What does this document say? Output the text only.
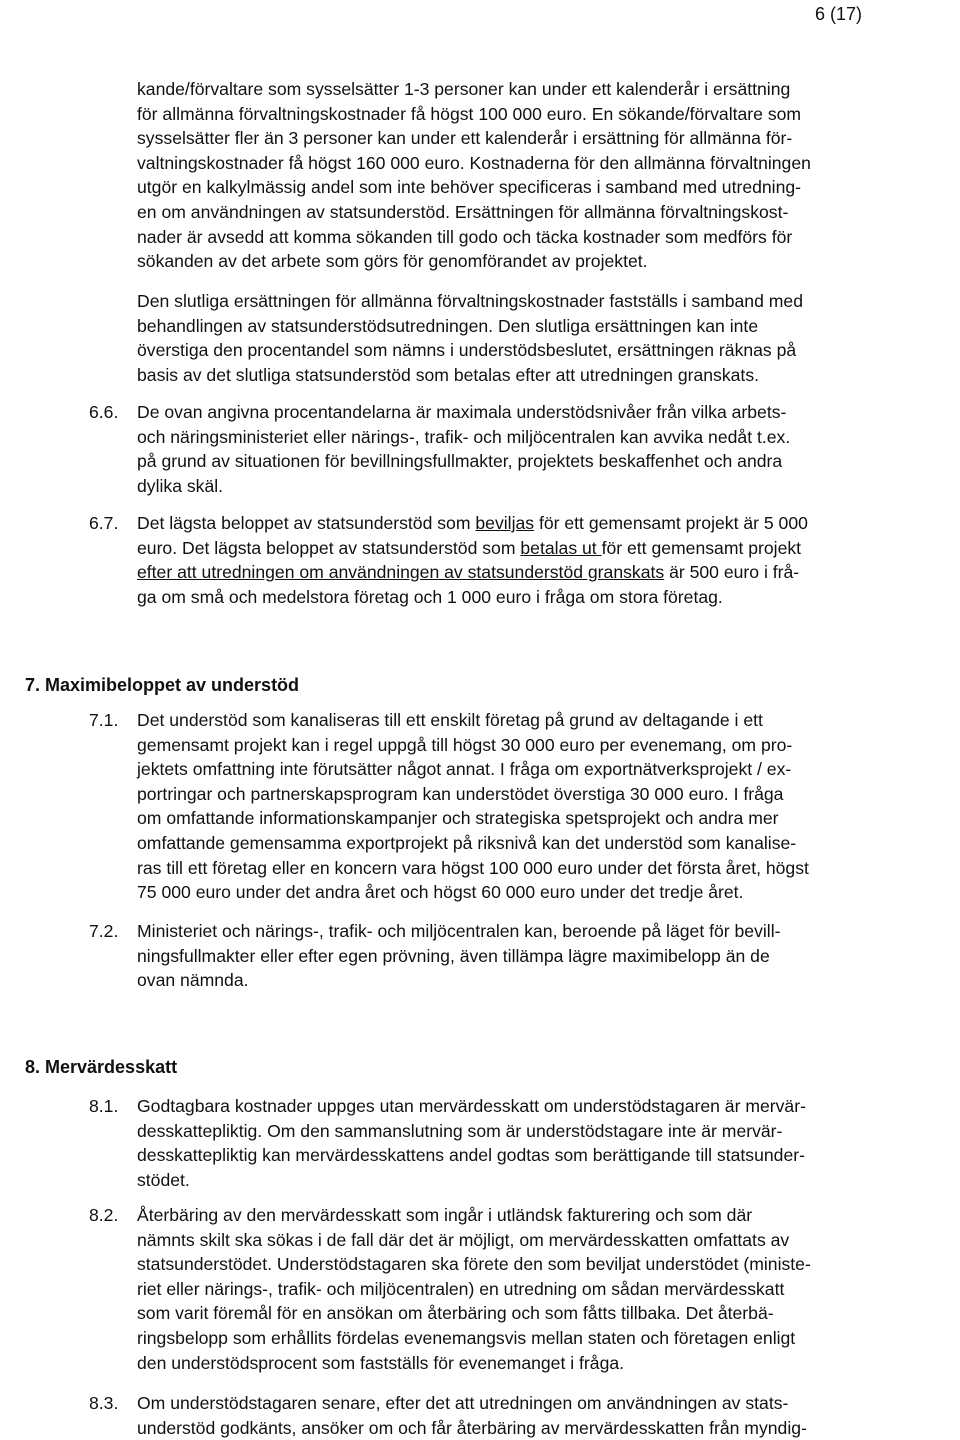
6 (17)

kande/förvaltare som sysselsätter 1-3 personer kan under ett kalenderår i ersättning
för allmänna förvaltningskostnader få högst 100 000 euro. En sökande/förvaltare som
sysselsätter fler än 3 personer kan under ett kalenderår i ersättning för allmänna för-
valtningskostnader få högst 160 000 euro. Kostnaderna för den allmänna förvaltningen
utgör en kalkylmässig andel som inte behöver specificeras i samband med utredning-
en om användningen av statsunderstöd. Ersättningen för allmänna förvaltningskost-
nader är avsedd att komma sökanden till godo och täcka kostnader som medförs för
sökanden av det arbete som görs för genomförandet av projektet.

Den slutliga ersättningen för allmänna förvaltningskostnader fastställs i samband med
behandlingen av statsunderstödsutredningen. Den slutliga ersättningen kan inte
överstiga den procentandel som nämns i understödsbeslutet, ersättningen räknas på
basis av det slutliga statsunderstöd som betalas efter att utredningen granskats.

6.6. De ovan angivna procentandelarna är maximala understödsnivåer från vilka arbets-
och näringsministeriet eller närings-, trafik- och miljöcentralen kan avvika nedåt t.ex.
på grund av situationen för bevillningsfullmakter, projektets beskaffenhet och andra
dylika skäl.

6.7. Det lägsta beloppet av statsunderstöd som beviljas för ett gemensamt projekt är 5 000
euro. Det lägsta beloppet av statsunderstöd som betalas ut för ett gemensamt projekt
efter att utredningen om användningen av statsunderstöd granskats är 500 euro i frå-
ga om små och medelstora företag och 1 000 euro i fråga om stora företag.

7. Maximibeloppet av understöd

7.1. Det understöd som kanaliseras till ett enskilt företag på grund av deltagande i ett
gemensamt projekt kan i regel uppgå till högst 30 000 euro per evenemang, om pro-
jektets omfattning inte förutsätter något annat. I fråga om exportnätverksprojekt / ex-
portringar och partnerskapsprogram kan understödet överstiga 30 000 euro. I fråga
om omfattande informationskampanjer och strategiska spetsprojekt och andra mer
omfattande gemensamma exportprojekt på riksnivå kan det understöd som kanalise-
ras till ett företag eller en koncern vara högst 100 000 euro under det första året, högst
75 000 euro under det andra året och högst 60 000 euro under det tredje året.

7.2. Ministeriet och närings-, trafik- och miljöcentralen kan, beroende på läget för bevill-
ningsfullmakter eller efter egen prövning, även tillämpa lägre maximibelopp än de
ovan nämnda.

8. Mervärdesskatt

8.1. Godtagbara kostnader uppges utan mervärdesskatt om understödstagaren är mervär-
desskattepliktig. Om den sammanslutning som är understödstagare inte är mervär-
desskattepliktig kan mervärdesskattens andel godtas som berättigande till statsunder-
stödet.

8.2. Återbäring av den mervärdesskatt som ingår i utländsk fakturering och som där
nämnts skilt ska sökas i de fall där det är möjligt, om mervärdesskatten omfattats av
statsunderstödet. Understödstagaren ska förete den som beviljat understödet (ministe-
riet eller närings-, trafik- och miljöcentralen) en utredning om sådan mervärdesskatt
som varit föremål för en ansökan om återbäring och som fåtts tillbaka. Det återbä-
ringsbelopp som erhållits fördelas evenemangsvis mellan staten och företagen enligt
den understödsprocent som fastställs för evenemanget i fråga.

8.3. Om understödstagaren senare, efter det att utredningen om användningen av stats-
understöd godkänts, ansöker om och får återbäring av mervärdesskatten från myndig-
